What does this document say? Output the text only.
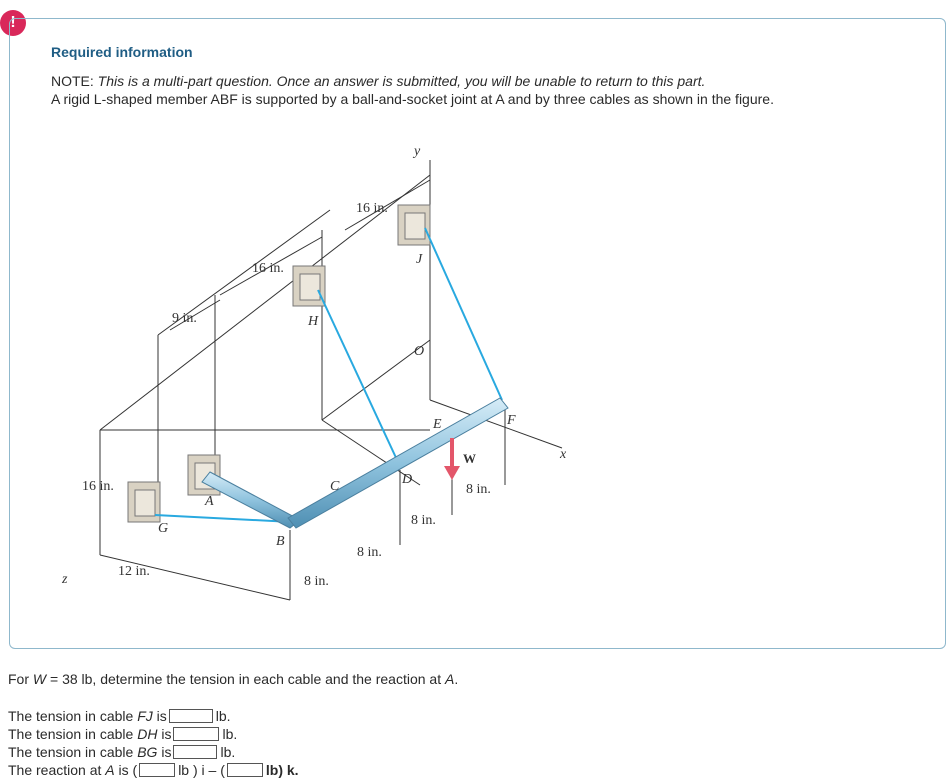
!
Required information
NOTE: This is a multi-part question. Once an answer is submitted, you will be unable to return to this part.
A rigid L-shaped member ABF is supported by a ball-and-socket joint at A and by three cables as shown in the figure.
y
x
z
A
B
C	D
E	F
G
H
J
O
W
16 in.
16 in.
9 in.
16 in.
12 in.
8 in.
8 in.
8 in.
8 in.
For W = 38 lb, determine the tension in each cable and the reaction at A.
The tension in cable FJ is	lb.
The tension in cable DH is	lb.
The tension in cable BG is	lb.
The reaction at A is (	lb ) i – (	lb) k.
